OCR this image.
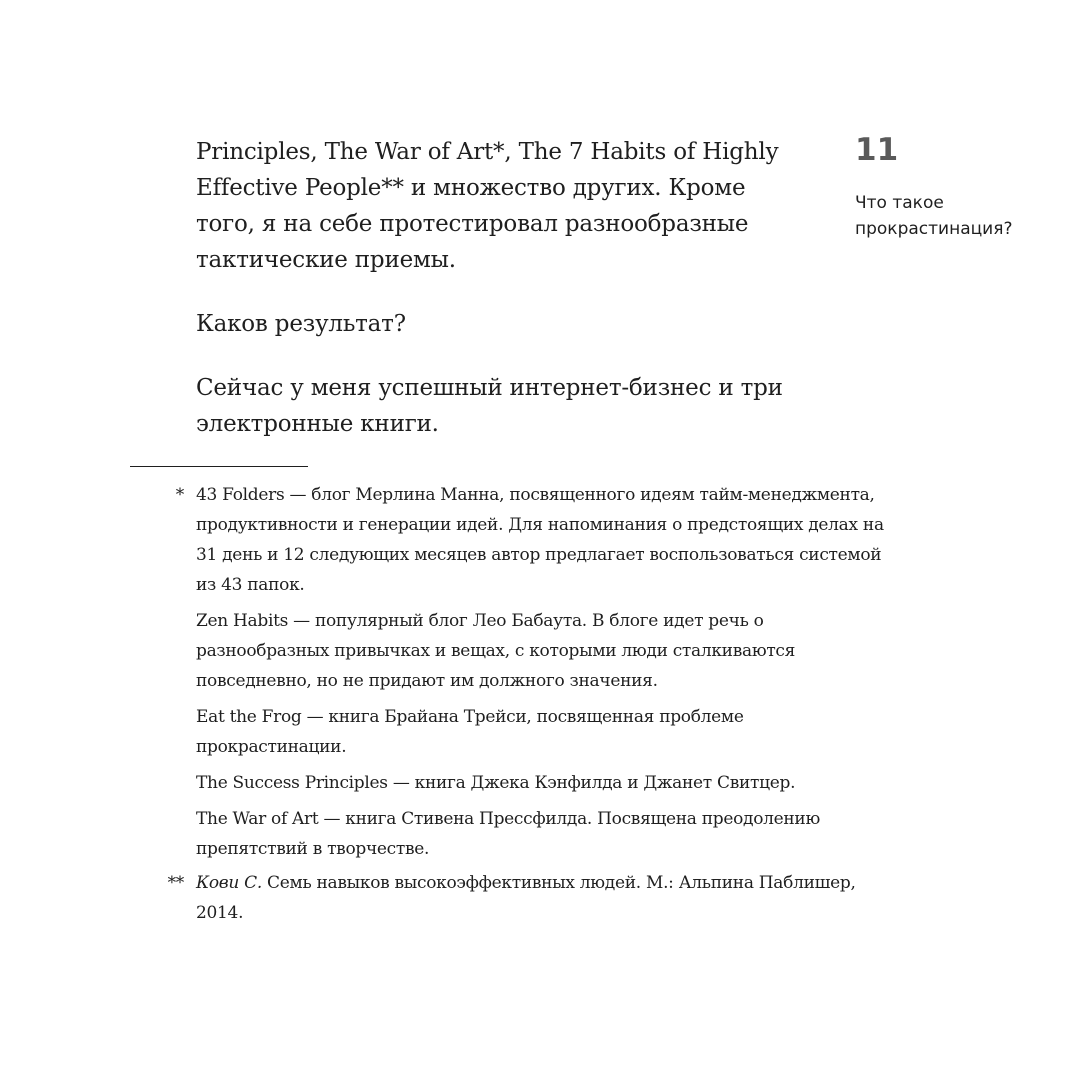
Principles, The War of Art*, The 7 Habits of Highly Effective People** и множество других. Кроме того, я на себе протестировал разнообразные тактические приемы.

Каков результат?

Сейчас у меня успешный интернет-бизнес и три электронные книги.

11
Что такое прокрастинация?
* 43 Folders — блог Мерлина Манна, посвященного идеям тайм-менеджмента, продуктивности и генерации идей. Для напоминания о предстоящих делах на 31 день и 12 следующих месяцев автор предлагает воспользоваться системой из 43 папок.

Zen Habits — популярный блог Лео Бабаута. В блоге идет речь о разнообразных привычках и вещах, с которыми люди сталкиваются повседневно, но не придают им должного значения.

Eat the Frog — книга Брайана Трейси, посвященная проблеме прокрастинации.

The Success Principles — книга Джека Кэнфилда и Джанет Свитцер.

The War of Art — книга Стивена Прессфилда. Посвящена преодолению препятствий в творчестве.

** Кови С. Семь навыков высокоэффективных людей. М.: Альпина Паблишер, 2014.
